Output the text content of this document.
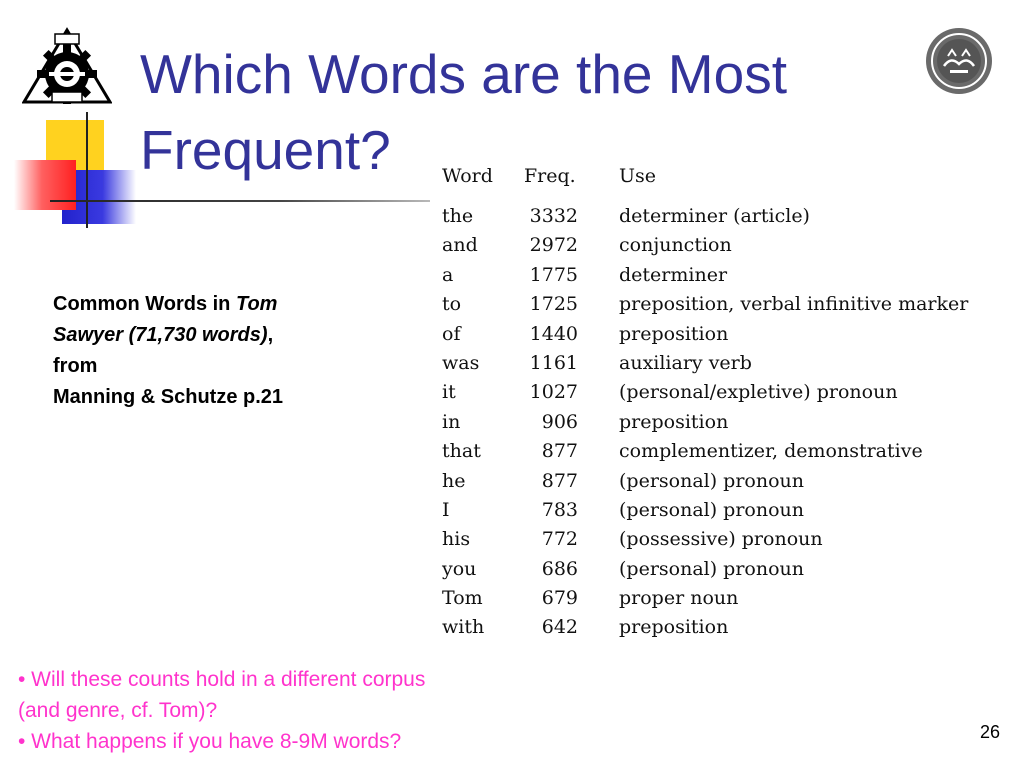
Which Words are the Most
Frequent?
Common Words in Tom
Sawyer (71,730 words),
from
Manning & Schutze p.21
Word	Freq. Use
the	3332 determiner (article)
and	2972 conjunction
a	1775 determiner
to	1725 preposition, verbal infinitive marker
of	1440 preposition
was	1161 auxiliary verb
it	1027 (personal/expletive) pronoun
in	906 preposition
that	877 complementizer, demonstrative
he	877 (personal) pronoun
I	783 (personal) pronoun
his	772 (possessive) pronoun
you	686 (personal) pronoun
Tom	679 proper noun
with	642 preposition
• Will these counts hold in a different corpus
(and genre, cf. Tom)?
• What happens if you have 8-9M words?	26
